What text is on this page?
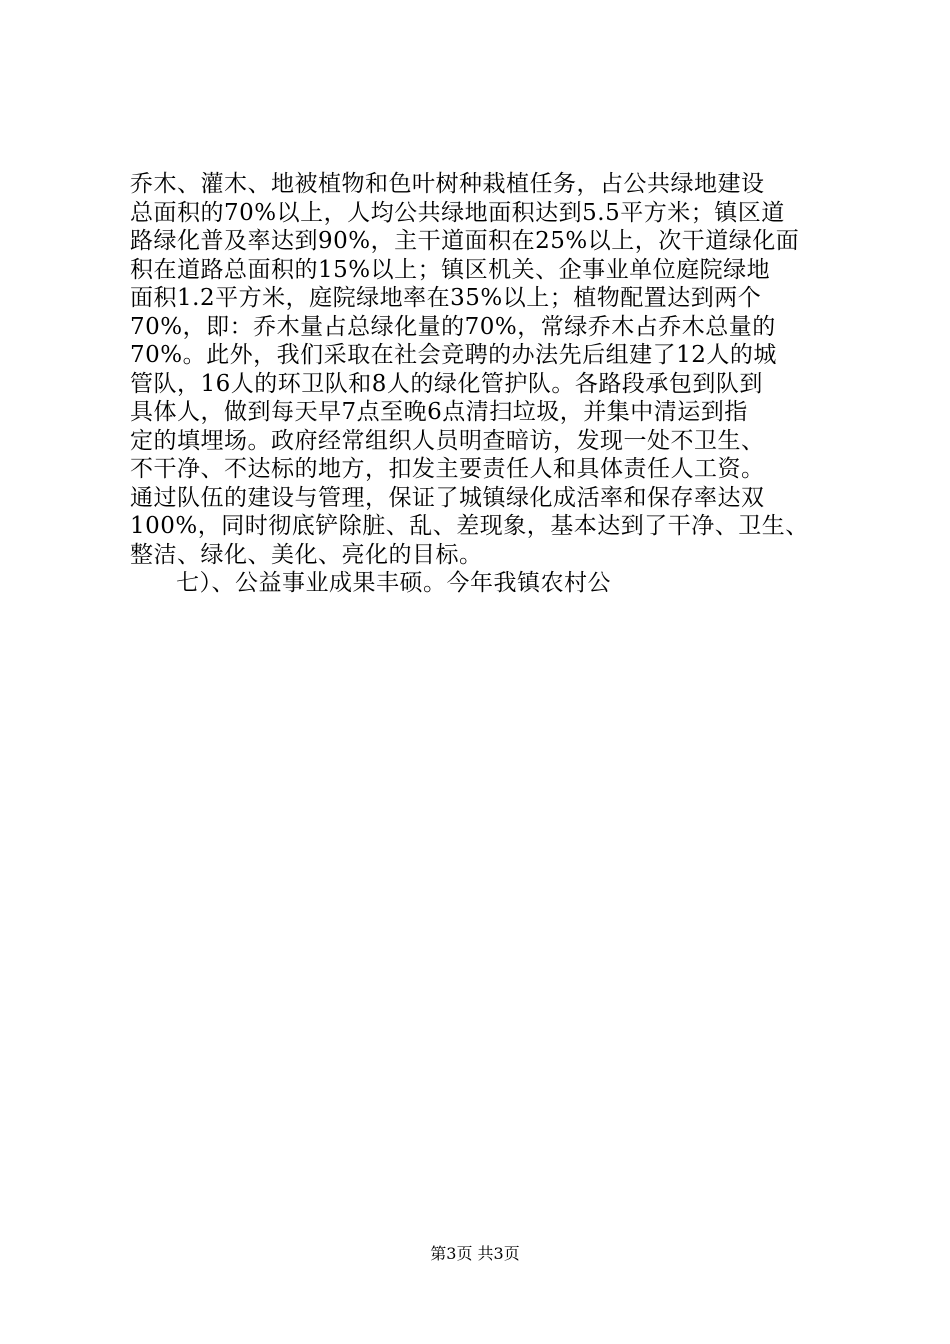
乔木、灌木、地被植物和色叶树种栽植任务，占公共绿地建设
总面积的70%以上，人均公共绿地面积达到5.5平方米；镇区道
路绿化普及率达到90%，主干道面积在25%以上，次干道绿化面
积在道路总面积的15%以上；镇区机关、企事业单位庭院绿地
面积1.2平方米，庭院绿地率在35%以上；植物配置达到两个
70%，即：乔木量占总绿化量的70%，常绿乔木占乔木总量的
70%。此外，我们采取在社会竞聘的办法先后组建了12人的城
管队，16人的环卫队和8人的绿化管护队。各路段承包到队到
具体人，做到每天早7点至晚6点清扫垃圾，并集中清运到指
定的填埋场。政府经常组织人员明查暗访，发现一处不卫生、
不干净、不达标的地方，扣发主要责任人和具体责任人工资。
通过队伍的建设与管理，保证了城镇绿化成活率和保存率达双
100%，同时彻底铲除脏、乱、差现象，基本达到了干净、卫生、
整洁、绿化、美化、亮化的目标。
七）、公益事业成果丰硕。今年我镇农村公
第3页 共3页
